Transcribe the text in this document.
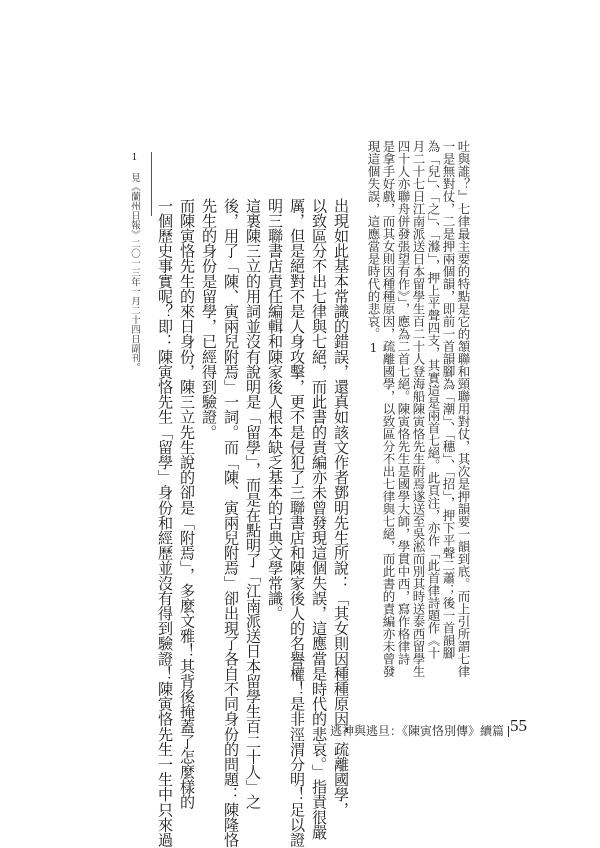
吐與誰？』七律最主要的特點是它的頷聯和頸聯用對仗，其次是押韻要一韻到底。而上引所謂七律
一是無對仗，二是押兩個韻，即前一首韻腳為「潮」、「穗」、「招」，押下平聲二蕭；後一首韻腳
為「兒」、「之」、「滌」，押上平聲四支，其實這是兩首七絕。此頁注，亦作「此首律詩題作《十
月二十七日江南派送日本留學生百二十人登海船陳寅恪先生附焉遂送至吳淞而別其時送泰西留學生
四十人亦聯舟併發張望有作》」，應為二首七絕。陳寅恪先生是國學大師，學貫中西，寫作格律詩
是拿手好戲，而其女則因種種原因，疏離國學，以致區分不出七律與七絕，而此書的責編亦未曾發
現這個失誤，這應當是時代的悲哀。1
出現如此基本常識的錯誤，還真如該文作者鄧明先生所說：「其女則因種種原因，疏離國學，
以致區分不出七律與七絕，而此書的責編亦未曾發現這個失誤，這應當是時代的悲哀。」指責很嚴
厲，但是絕對不是人身攻擊，更不是侵犯了三聯書店和陳家後人的名譽權！是非涇渭分明！足以證
明三聯書店責任編輯和陳家後人根本缺乏基本的古典文學常識。
這裏陳三立的用詞並沒有說明是「留學」，而是在點明了「江南派送日本留學生百二十人」之
後，用了「陳、寅兩兒附焉」一詞。而「陳、寅兩兒附焉」卻出現了各自不同身份的問題：陳隆恪
先生的身份是留學，已經得到驗證。
而陳寅恪先生的來日身份，陳三立先生說的卻是「附焉」，多麼文雅！其背後掩蓋了怎麼樣的
一個歷史事實呢？即：陳寅恪先生「留學」身份和經歷並沒有得到驗證！陳寅恪先生一生中只來過
1　見《蘭州日報》二〇一三年一月二十四日副刊。
逃神與逃旦：《陳寅恪別傳》續篇 55
